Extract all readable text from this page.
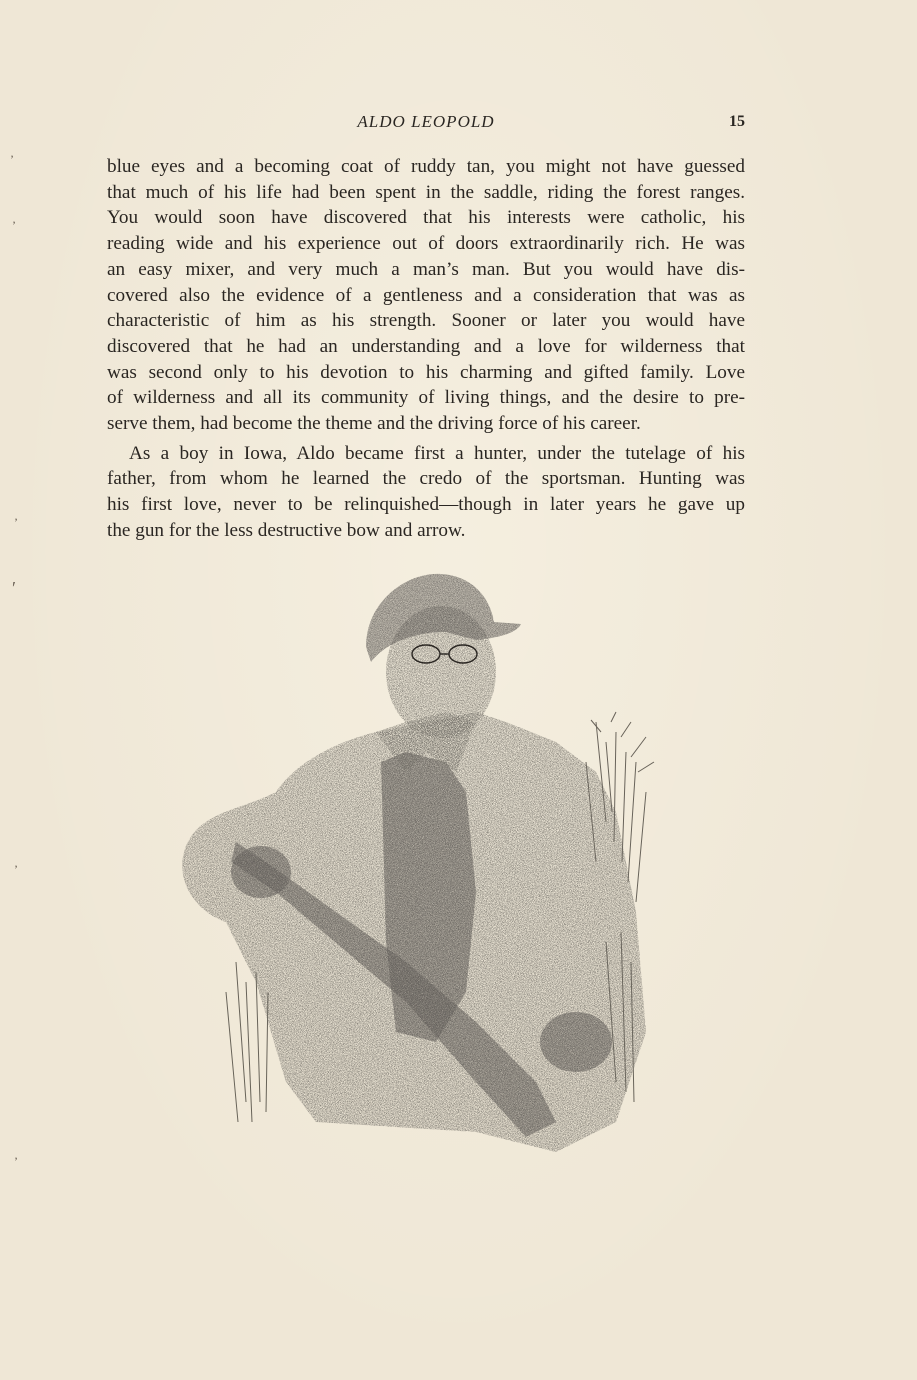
ALDO LEOPOLD	15

blue eyes and a becoming coat of ruddy tan, you might not have guessed
that much of his life had been spent in the saddle, riding the forest ranges.
You would soon have discovered that his interests were catholic, his
reading wide and his experience out of doors extraordinarily rich. He was
an easy mixer, and very much a man’s man. But you would have dis-
covered also the evidence of a gentleness and a consideration that was as
characteristic of him as his strength. Sooner or later you would have
discovered that he had an understanding and a love for wilderness that
was second only to his devotion to his charming and gifted family. Love
of wilderness and all its community of living things, and the desire to pre-
serve them, had become the theme and the driving force of his career.

As a boy in Iowa, Aldo became first a hunter, under the tutelage of his
father, from whom he learned the credo of the sportsman. Hunting was
his first love, never to be relinquished—though in later years he gave up
the gun for the less destructive bow and arrow.

’
’
’
′
’
’
